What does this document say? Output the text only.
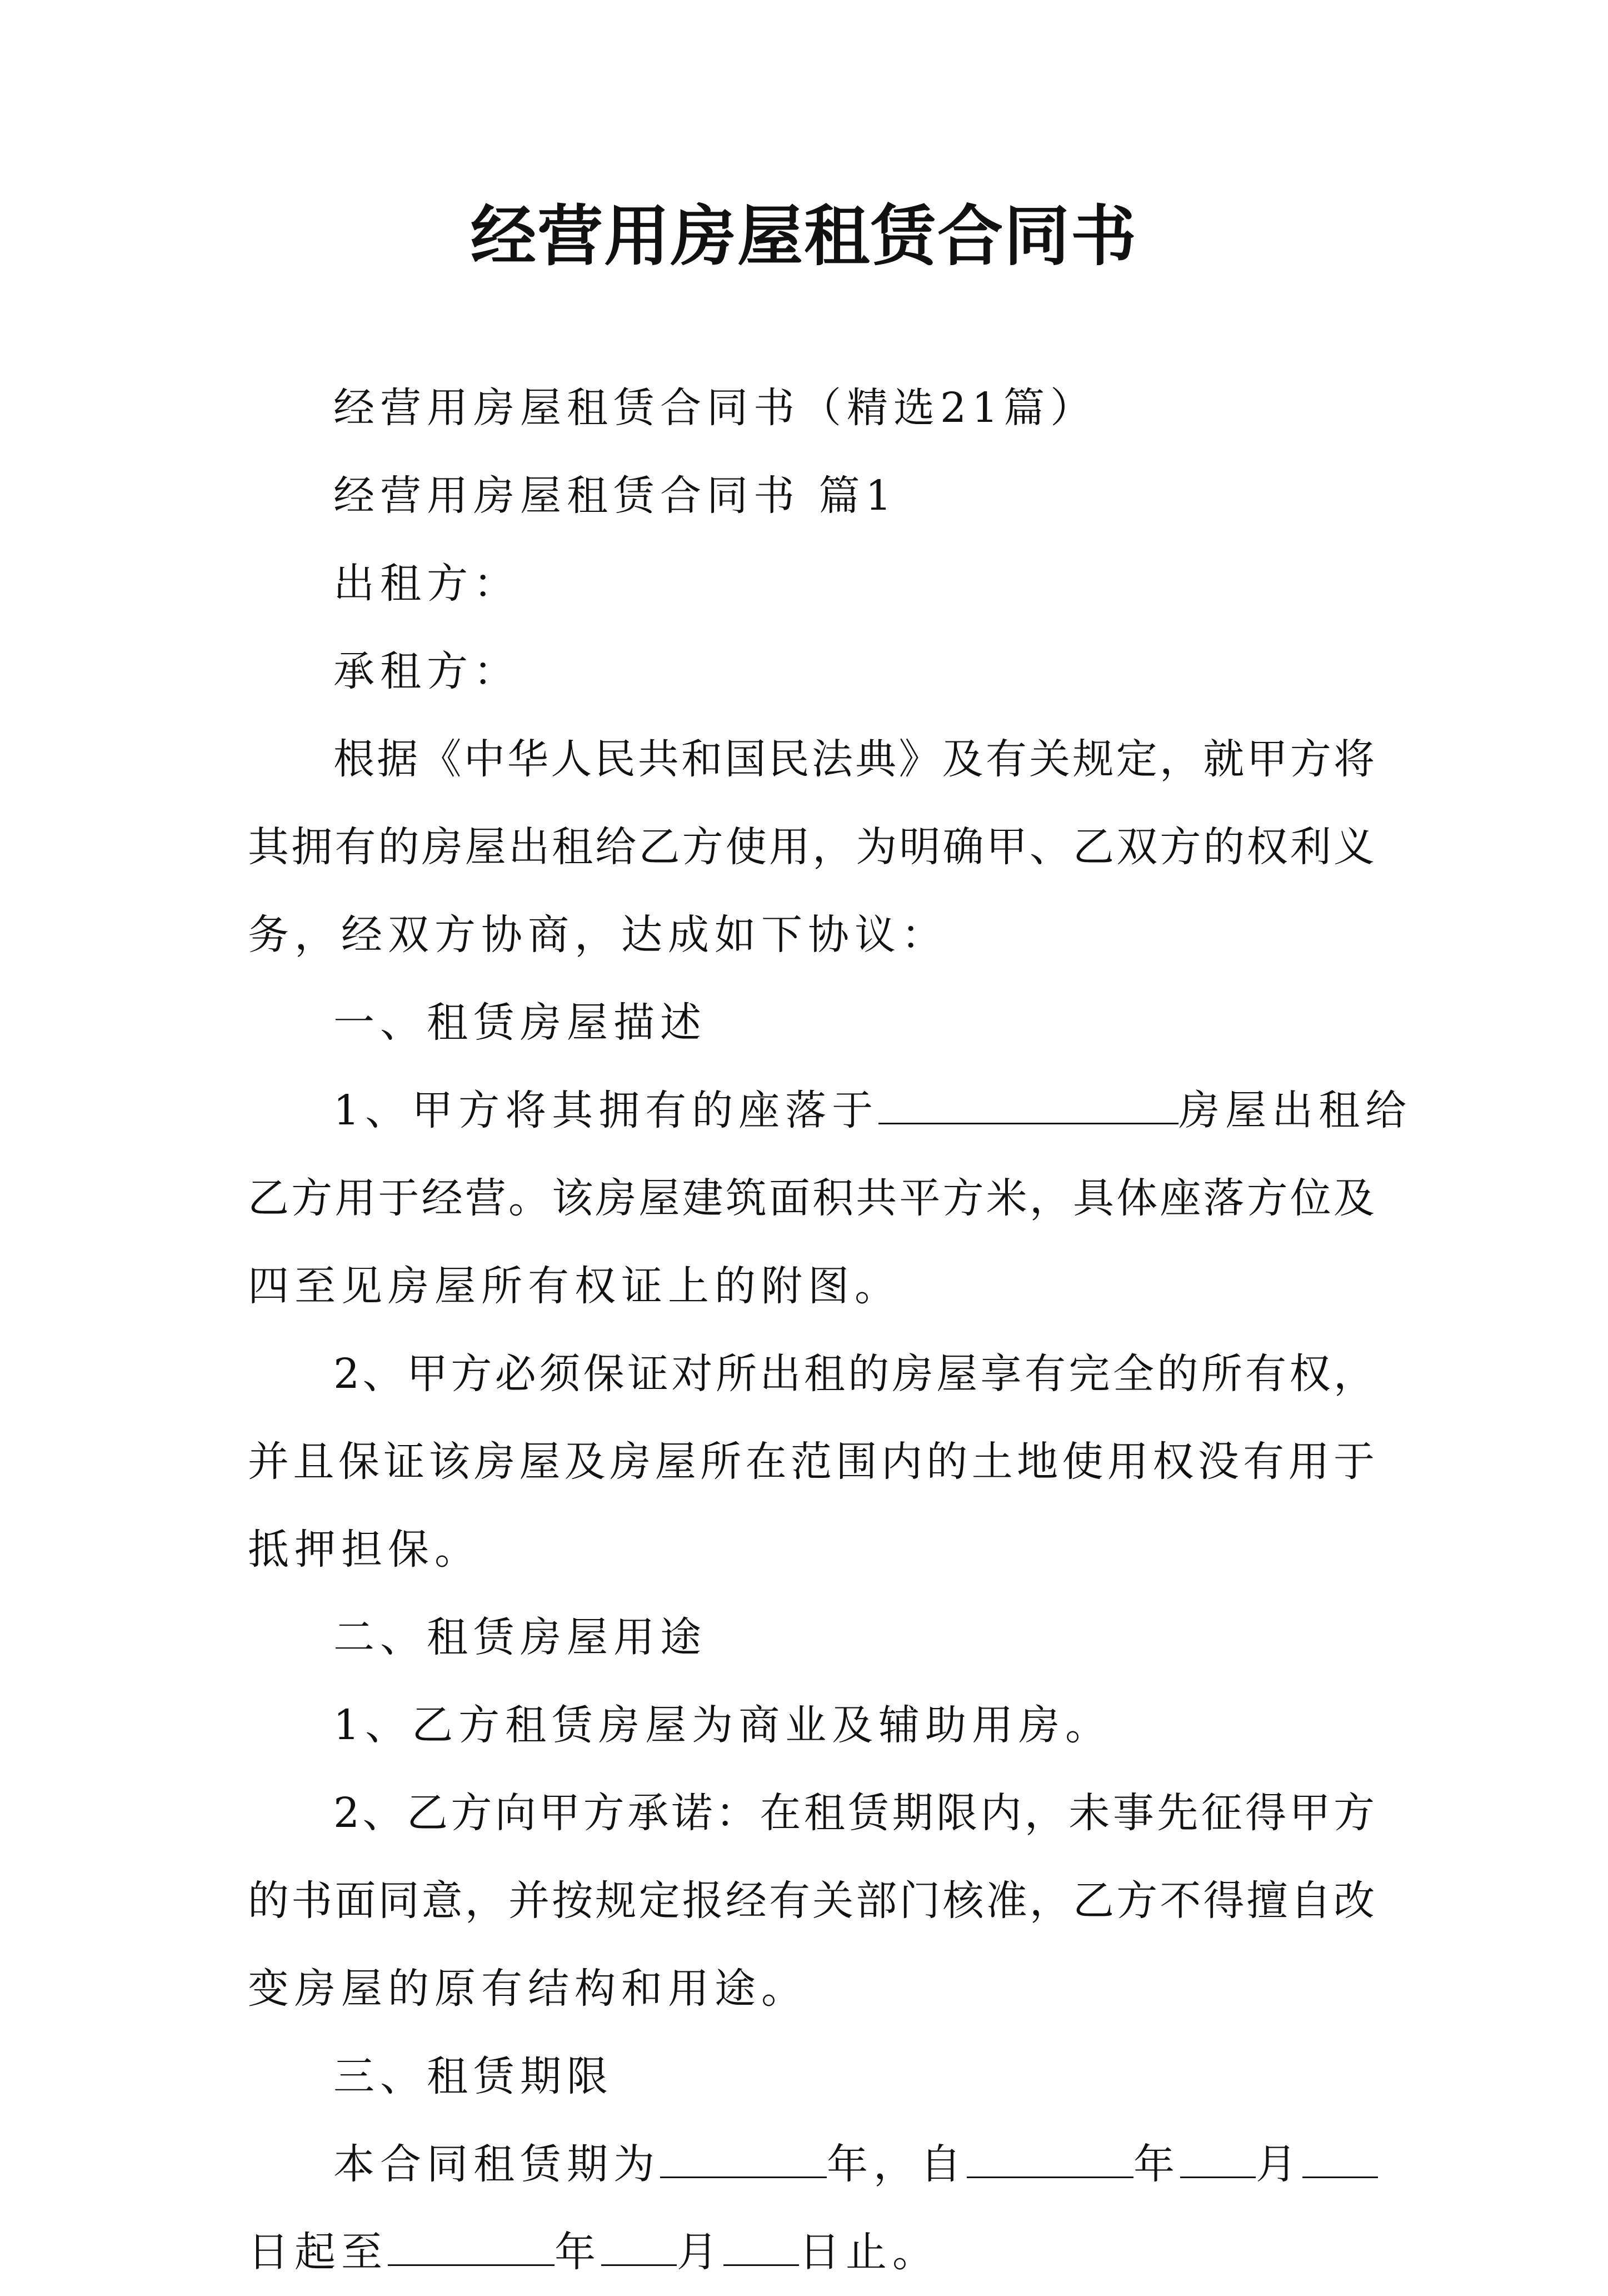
经营用房屋租赁合同书
经营用房屋租赁合同书（精选21篇）
经营用房屋租赁合同书 篇1
出租方：
承租方：
根据《中华人民共和国民法典》及有关规定，就甲方将
其拥有的房屋出租给乙方使用，为明确甲、乙双方的权利义
务，经双方协商，达成如下协议：
一、租赁房屋描述
1、甲方将其拥有的座落于	房屋出租给
乙方用于经营。该房屋建筑面积共平方米，具体座落方位及
四至见房屋所有权证上的附图。
2、甲方必须保证对所出租的房屋享有完全的所有权，
并且保证该房屋及房屋所在范围内的土地使用权没有用于
抵押担保。
二、租赁房屋用途
1、乙方租赁房屋为商业及辅助用房。
2、乙方向甲方承诺：在租赁期限内，未事先征得甲方
的书面同意，并按规定报经有关部门核准，乙方不得擅自改
变房屋的原有结构和用途。
三、租赁期限
本合同租赁期为	年，自	年 月
日起至	年 月 日止。
